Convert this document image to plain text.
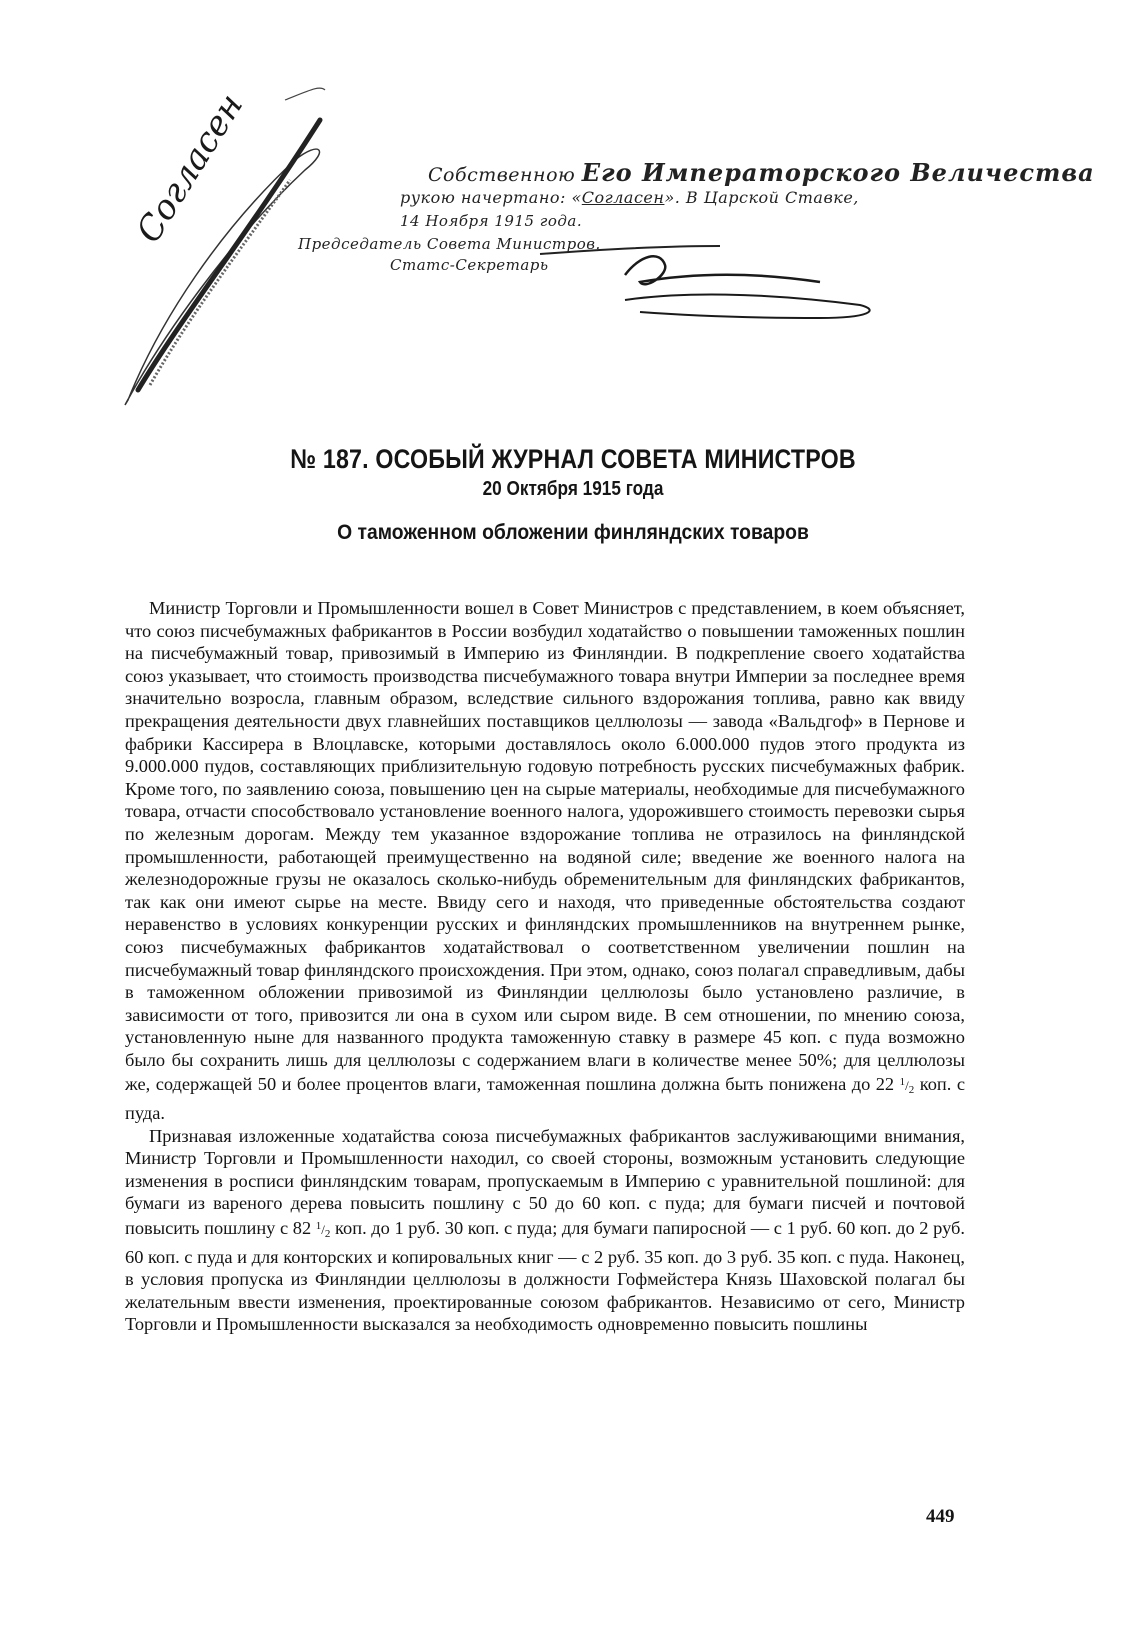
Согласен	Собственною Его Императорского Величества
рукою начертано: «Согласен». В Царской Ставке,
14 Ноября 1915 года.
Председатель Совета Министров.
Статс-Секретарь
№ 187. ОСОБЫЙ ЖУРНАЛ СОВЕТА МИНИСТРОВ
20 Октября 1915 года
О таможенном обложении финляндских товаров

Министр Торговли и Промышленности вошел в Совет Министров с представлением, в коем объясняет, что союз писчебумажных фабрикантов в России возбудил ходатайство о повышении таможенных пошлин на писчебумажный товар, привозимый в Империю из Финляндии. В подкрепление своего ходатайства союз указывает, что стоимость производства писчебумажного товара внутри Империи за последнее время значительно возросла, главным образом, вследствие сильного вздорожания топлива, равно как ввиду прекращения деятельности двух главнейших поставщиков целлюлозы — завода «Вальдгоф» в Пернове и фабрики Кассирера в Влоцлавске, которыми доставлялось около 6.000.000 пудов этого продукта из 9.000.000 пудов, составляющих приблизительную годовую потребность русских писчебумажных фабрик. Кроме того, по заявлению союза, повышению цен на сырые материалы, необходимые для писчебумажного товара, отчасти способствовало установление военного налога, удорожившего стоимость перевозки сырья по железным дорогам. Между тем указанное вздорожание топлива не отразилось на финляндской промышленности, работающей преимущественно на водяной силе; введение же военного налога на железнодорожные грузы не оказалось сколько-нибудь обременительным для финляндских фабрикантов, так как они имеют сырье на месте. Ввиду сего и находя, что приведенные обстоятельства создают неравенство в условиях конкуренции русских и финляндских промышленников на внутреннем рынке, союз писчебумажных фабрикантов ходатайствовал о соответственном увеличении пошлин на писчебумажный товар финляндского происхождения. При этом, однако, союз полагал справедливым, дабы в таможенном обложении привозимой из Финляндии целлюлозы было установлено различие, в зависимости от того, привозится ли она в сухом или сыром виде. В сем отношении, по мнению союза, установленную ныне для названного продукта таможенную ставку в размере 45 коп. с пуда возможно было бы сохранить лишь для целлюлозы с содержанием влаги в количестве менее 50%; для целлюлозы же, содержащей 50 и более процентов влаги, таможенная пошлина должна быть понижена до 22 $^1/_2$ коп. с пуда.

Признавая изложенные ходатайства союза писчебумажных фабрикантов заслуживающими внимания, Министр Торговли и Промышленности находил, со своей стороны, возможным установить следующие изменения в росписи финляндским товарам, пропускаемым в Империю с уравнительной пошлиной: для бумаги из вареного дерева повысить пошлину с 50 до 60 коп. с пуда; для бумаги писчей и почтовой повысить пошлину с 82 $^1/_2$ коп. до 1 руб. 30 коп. с пуда; для бумаги папиросной — с 1 руб. 60 коп. до 2 руб. 60 коп. с пуда и для конторских и копировальных книг — с 2 руб. 35 коп. до 3 руб. 35 коп. с пуда. Наконец, в условия пропуска из Финляндии целлюлозы в должности Гофмейстера Князь Шаховской полагал бы желательным ввести изменения, проектированные союзом фабрикантов. Независимо от сего, Министр Торговли и Промышленности высказался за необходимость одновременно повысить пошлины

449
